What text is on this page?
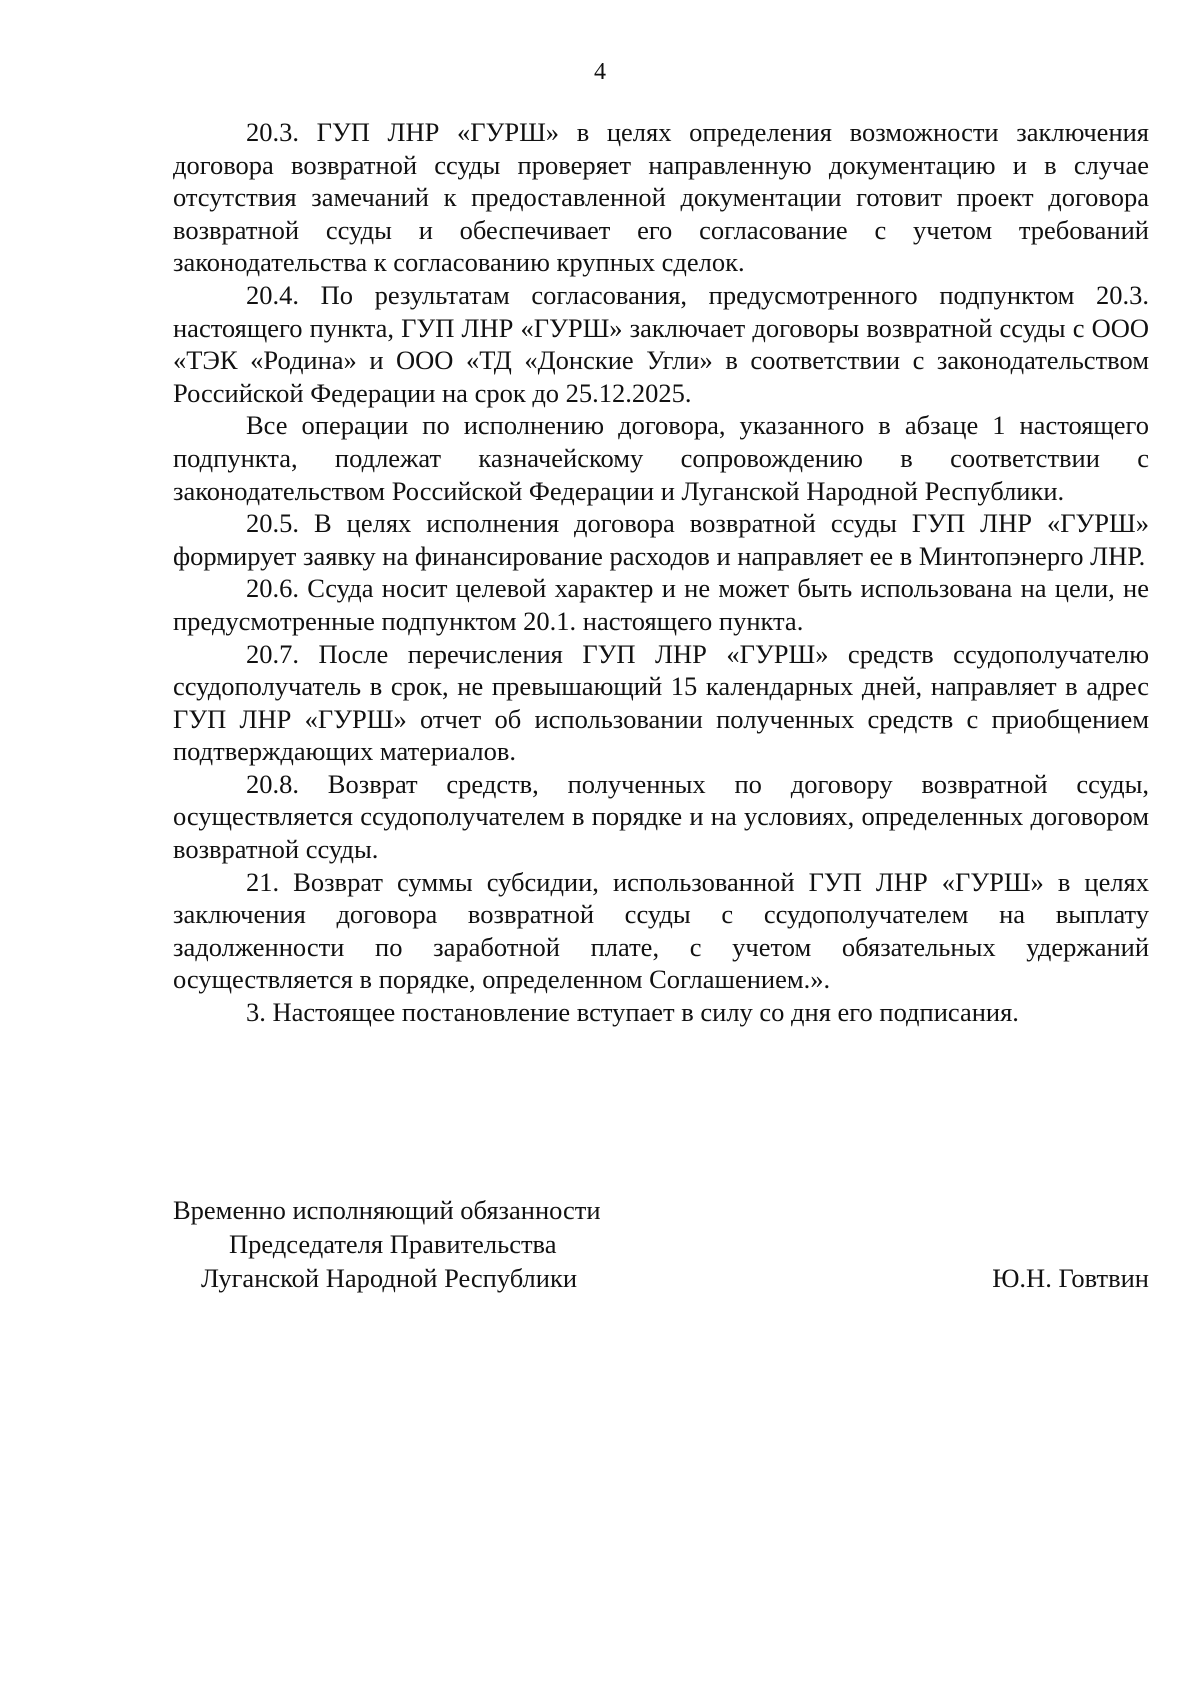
4

20.3. ГУП ЛНР «ГУРШ» в целях определения возможности заключения договора возвратной ссуды проверяет направленную документацию и в случае отсутствия замечаний к предоставленной документации готовит проект договора возвратной ссуды и обеспечивает его согласование с учетом требований законодательства к согласованию крупных сделок.

20.4. По результатам согласования, предусмотренного подпунктом 20.3. настоящего пункта, ГУП ЛНР «ГУРШ» заключает договоры возвратной ссуды с ООО «ТЭК «Родина» и ООО «ТД «Донские Угли» в соответствии с законодательством Российской Федерации на срок до 25.12.2025.

Все операции по исполнению договора, указанного в абзаце 1 настоящего подпункта, подлежат казначейскому сопровождению в соответствии с законодательством Российской Федерации и Луганской Народной Республики.

20.5. В целях исполнения договора возвратной ссуды ГУП ЛНР «ГУРШ» формирует заявку на финансирование расходов и направляет ее в Минтопэнерго ЛНР.

20.6. Ссуда носит целевой характер и не может быть использована на цели, не предусмотренные подпунктом 20.1. настоящего пункта.

20.7. После перечисления ГУП ЛНР «ГУРШ» средств ссудополучателю ссудополучатель в срок, не превышающий 15 календарных дней, направляет в адрес ГУП ЛНР «ГУРШ» отчет об использовании полученных средств с приобщением подтверждающих материалов.

20.8. Возврат средств, полученных по договору возвратной ссуды, осуществляется ссудополучателем в порядке и на условиях, определенных договором возвратной ссуды.

21. Возврат суммы субсидии, использованной ГУП ЛНР «ГУРШ» в целях заключения договора возвратной ссуды с ссудополучателем на выплату задолженности по заработной плате, с учетом обязательных удержаний осуществляется в порядке, определенном Соглашением.».

3. Настоящее постановление вступает в силу со дня его подписания.

Временно исполняющий обязанности
Председателя Правительства
Луганской Народной Республики	Ю.Н. Говтвин
